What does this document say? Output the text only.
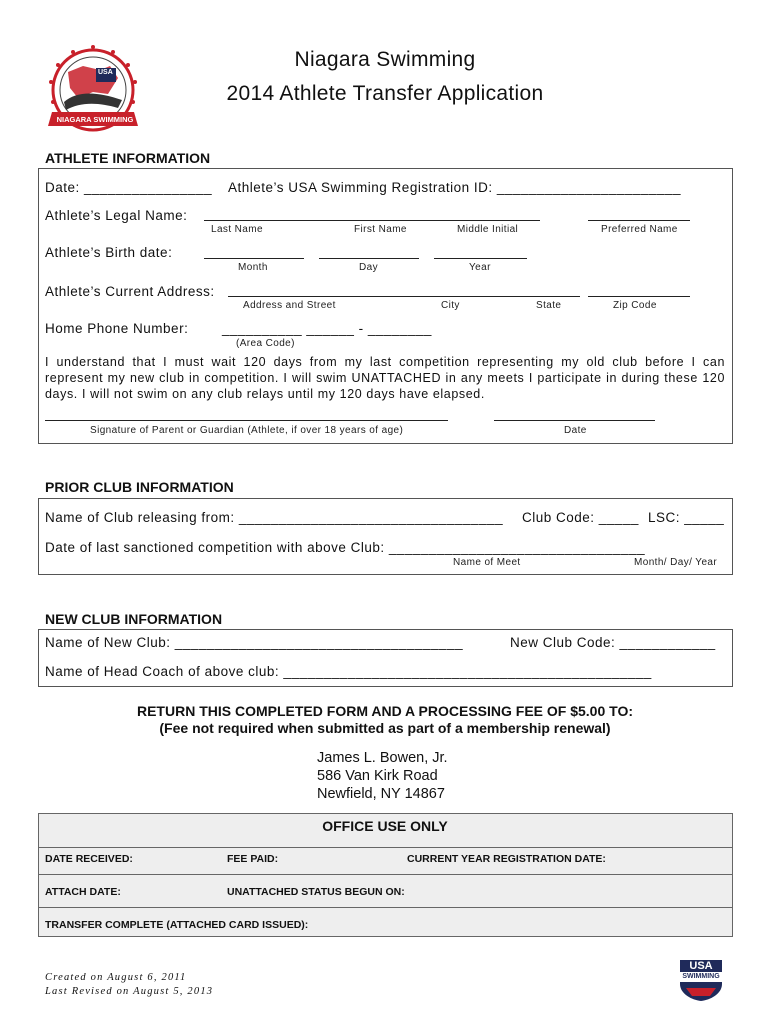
USA
NIAGARA SWIMMING
Niagara Swimming
2014 Athlete Transfer Application
ATHLETE INFORMATION
Date: ________________ Athlete’s USA Swimming Registration ID: _______________________
Athlete’s Legal Name:
Last Name	First Name	Middle Initial	Preferred Name
Athlete’s Birth date:
Month	Day	Year
Athlete’s Current Address:
Address and Street	City	State	Zip Code
Home Phone Number: __________ ______ - ________
(Area Code)
I understand that I must wait 120 days from my last competition representing my old club before I can represent my new club in competition. I will swim UNATTACHED in any meets I participate in during these 120 days. I will not swim on any club relays until my 120 days have elapsed.
Signature of Parent or Guardian (Athlete, if over 18 years of age)	Date
PRIOR CLUB INFORMATION
Name of Club releasing from: _________________________________ Club Code: _____ LSC: _____
Date of last sanctioned competition with above Club: ________________________________
Name of Meet	Month/ Day/ Year
NEW CLUB INFORMATION
Name of New Club: ____________________________________	New Club Code: ____________
Name of Head Coach of above club: ______________________________________________
RETURN THIS COMPLETED FORM AND A PROCESSING FEE OF $5.00 TO:
(Fee not required when submitted as part of a membership renewal)
James L. Bowen, Jr.
586 Van Kirk Road
Newfield, NY 14867
OFFICE USE ONLY
DATE RECEIVED:	FEE PAID:	CURRENT YEAR REGISTRATION DATE:
ATTACH DATE:	UNATTACHED STATUS BEGUN ON:
TRANSFER COMPLETE (ATTACHED CARD ISSUED):
Created on August 6, 2011
Last Revised on August 5, 2013
USA
SWIMMING
